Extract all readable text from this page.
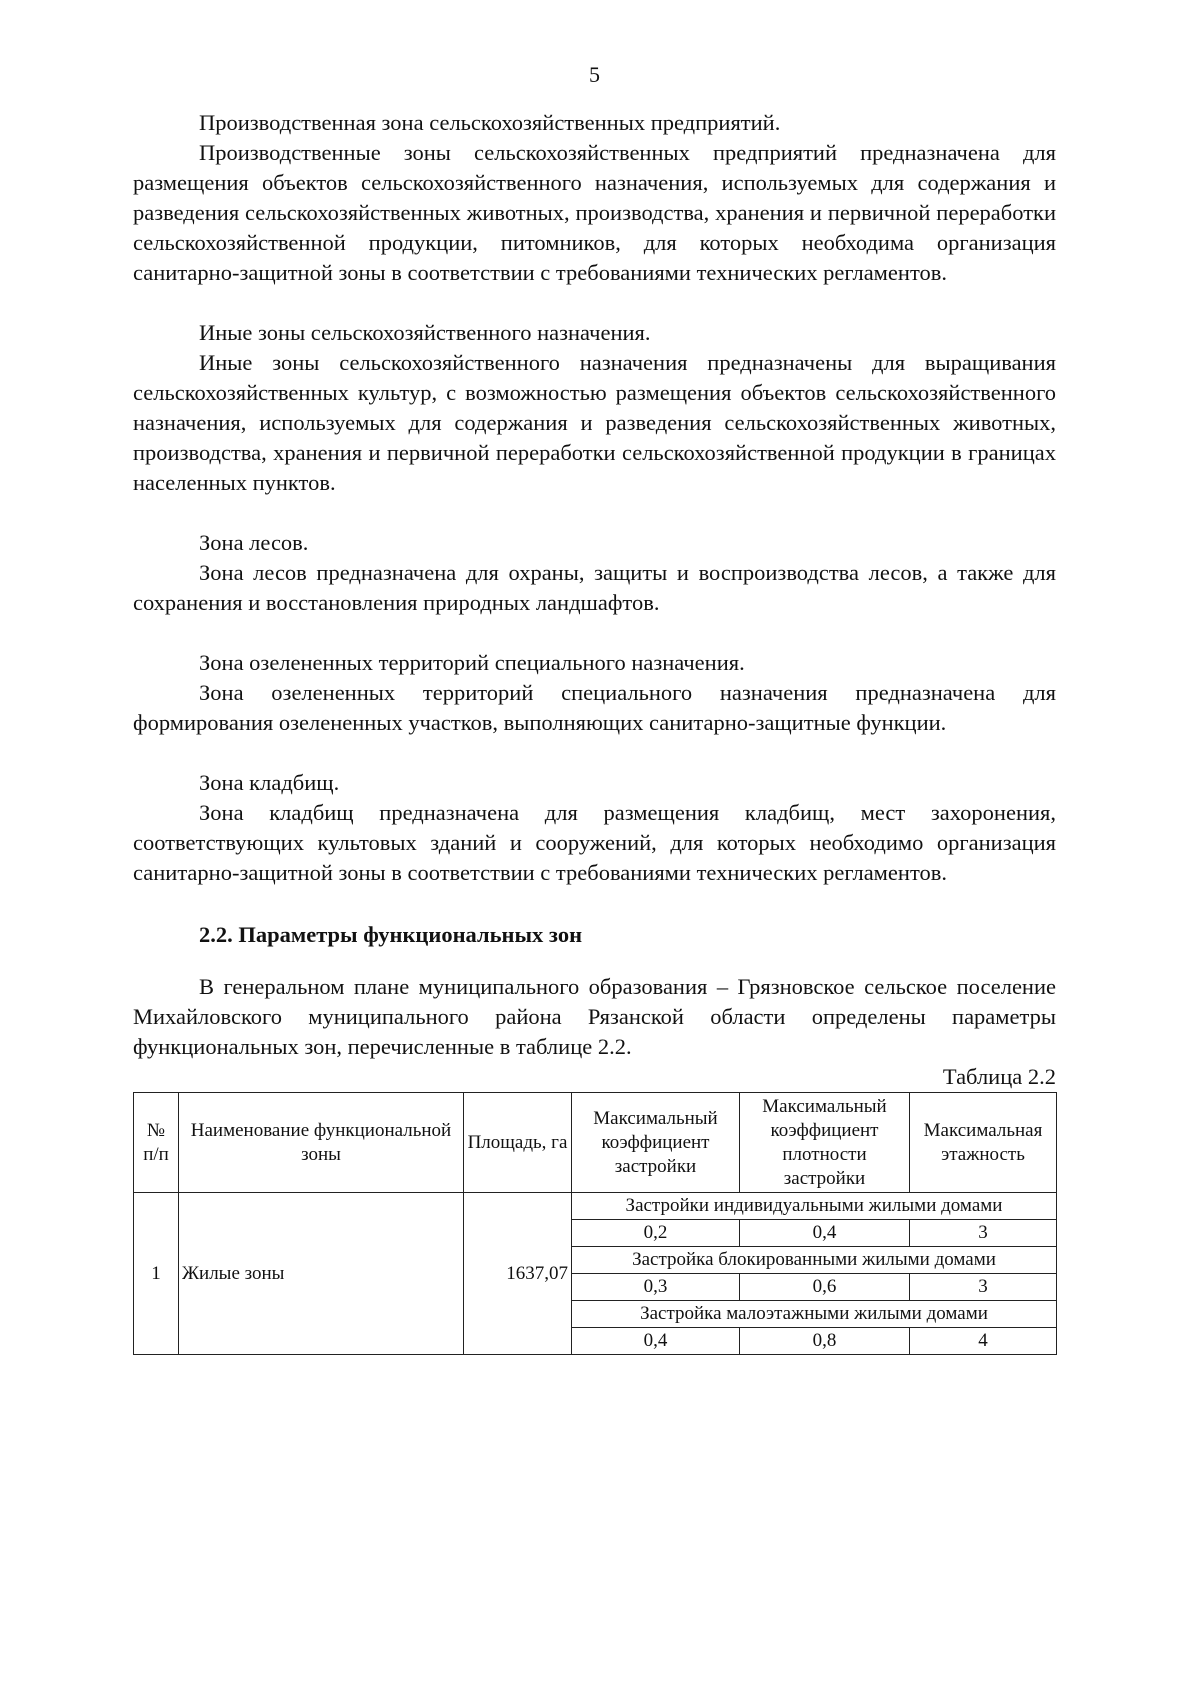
5

Производственная зона сельскохозяйственных предприятий.

Производственные зоны сельскохозяйственных предприятий предназначена для размещения объектов сельскохозяйственного назначения, используемых для содержания и разведения сельскохозяйственных животных, производства, хранения и первичной переработки сельскохозяйственной продукции, питомников, для которых необходима организация санитарно-защитной зоны в соответствии с требованиями технических регламентов.

Иные зоны сельскохозяйственного назначения.

Иные зоны сельскохозяйственного назначения предназначены для выращивания сельскохозяйственных культур, с возможностью размещения объектов сельскохозяйственного назначения, используемых для содержания и разведения сельскохозяйственных животных, производства, хранения и первичной переработки сельскохозяйственной продукции в границах населенных пунктов.

Зона лесов.

Зона лесов предназначена для охраны, защиты и воспроизводства лесов, а также для сохранения и восстановления природных ландшафтов.

Зона озелененных территорий специального назначения.

Зона озелененных территорий специального назначения предназначена для формирования озелененных участков, выполняющих санитарно-защитные функции.

Зона кладбищ.

Зона кладбищ предназначена для размещения кладбищ, мест захоронения, соответствующих культовых зданий и сооружений, для которых необходимо организация санитарно-защитной зоны в соответствии с требованиями технических регламентов.

2.2. Параметры функциональных зон

В генеральном плане муниципального образования – Грязновское сельское поселение Михайловского муниципального района Рязанской области определены параметры функциональных зон, перечисленные в таблице 2.2.

Таблица 2.2

№ п/п	Наименование функциональной зоны	Площадь, га	Максимальный коэффициент застройки	Максимальный коэффициент плотности застройки	Максимальная этажность
1	Жилые зоны	1637,07	Застройки индивидуальными жилыми домами		
			0,2	0,4	3
			Застройка блокированными жилыми домами		
			0,3	0,6	3
			Застройка малоэтажными жилыми домами		
			0,4	0,8	4
